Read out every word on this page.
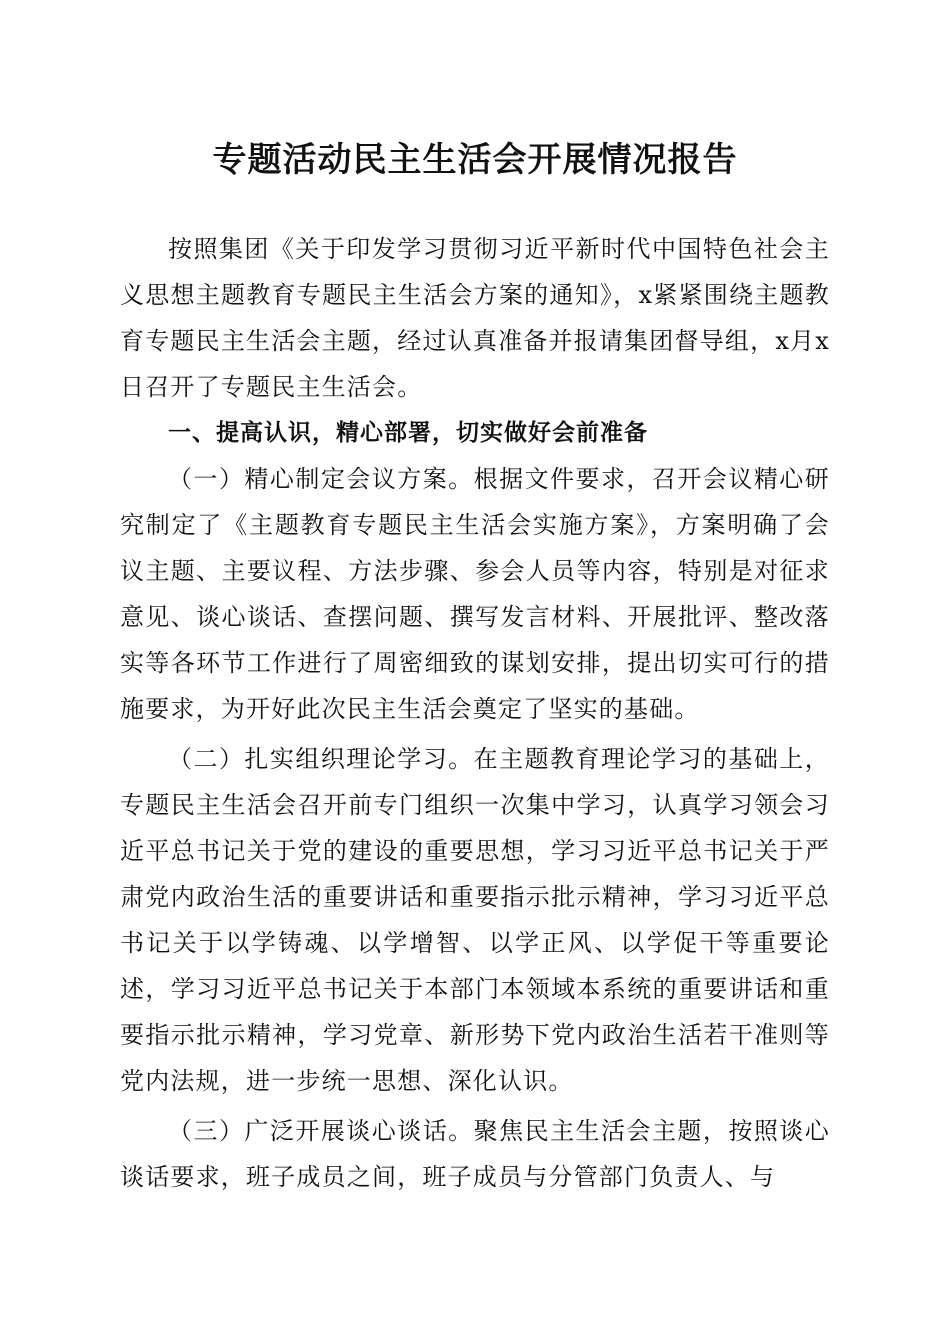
专题活动民主生活会开展情况报告

按照集团《关于印发学习贯彻习近平新时代中国特色社会主义思想主题教育专题民主生活会方案的通知》，x紧紧围绕主题教育专题民主生活会主题，经过认真准备并报请集团督导组，x月x日召开了专题民主生活会。

一、提高认识，精心部署，切实做好会前准备

（一）精心制定会议方案。根据文件要求，召开会议精心研究制定了《主题教育专题民主生活会实施方案》，方案明确了会议主题、主要议程、方法步骤、参会人员等内容，特别是对征求意见、谈心谈话、查摆问题、撰写发言材料、开展批评、整改落实等各环节工作进行了周密细致的谋划安排，提出切实可行的措施要求，为开好此次民主生活会奠定了坚实的基础。

（二）扎实组织理论学习。在主题教育理论学习的基础上，专题民主生活会召开前专门组织一次集中学习，认真学习领会习近平总书记关于党的建设的重要思想，学习习近平总书记关于严肃党内政治生活的重要讲话和重要指示批示精神，学习习近平总书记关于以学铸魂、以学增智、以学正风、以学促干等重要论述，学习习近平总书记关于本部门本领域本系统的重要讲话和重要指示批示精神，学习党章、新形势下党内政治生活若干准则等党内法规，进一步统一思想、深化认识。

（三）广泛开展谈心谈话。聚焦民主生活会主题，按照谈心谈话要求，班子成员之间，班子成员与分管部门负责人、与
